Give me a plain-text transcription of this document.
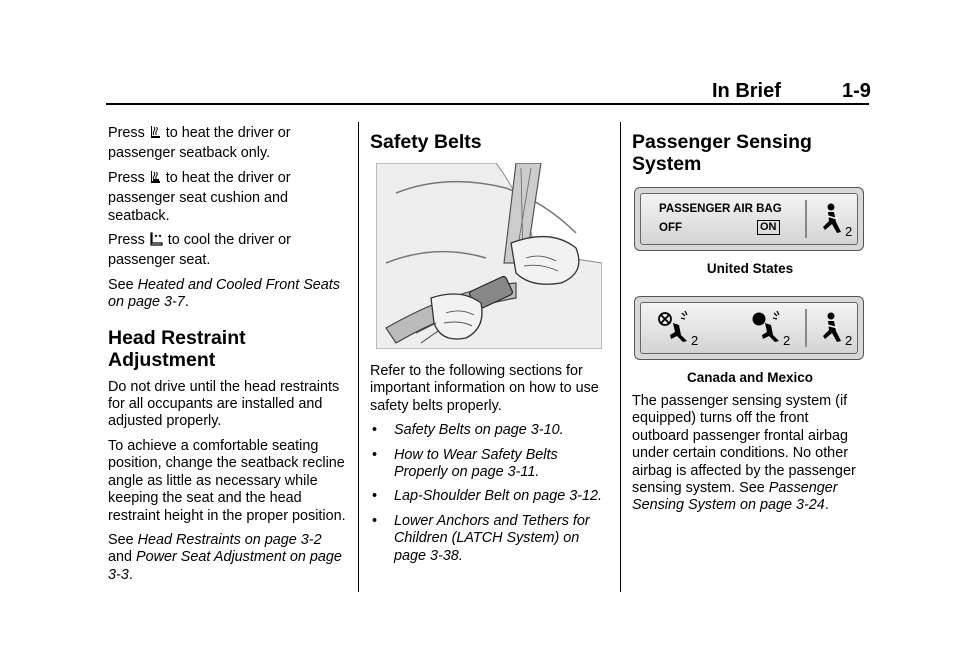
In Brief	1-9

Press  to heat the driver or passenger seatback only.

Press  to heat the driver or passenger seat cushion and seatback.

Press  to cool the driver or passenger seat.

See Heated and Cooled Front Seats on page 3-7.

Head Restraint Adjustment

Do not drive until the head restraints for all occupants are installed and adjusted properly.

To achieve a comfortable seating position, change the seatback recline angle as little as necessary while keeping the seat and the head restraint height in the proper position.

See Head Restraints on page 3-2 and Power Seat Adjustment on page 3-3.

Safety Belts

Refer to the following sections for important information on how to use safety belts properly.

• Safety Belts on page 3-10.
• How to Wear Safety Belts Properly on page 3-11.
• Lap-Shoulder Belt on page 3-12.
• Lower Anchors and Tethers for Children (LATCH System) on page 3-38.
Passenger Sensing System
PASSENGER AIR BAG
OFF	ON	2
United States
2	2	2
Canada and Mexico

The passenger sensing system (if equipped) turns off the front outboard passenger frontal airbag under certain conditions. No other airbag is affected by the passenger sensing system. See Passenger Sensing System on page 3-24.
